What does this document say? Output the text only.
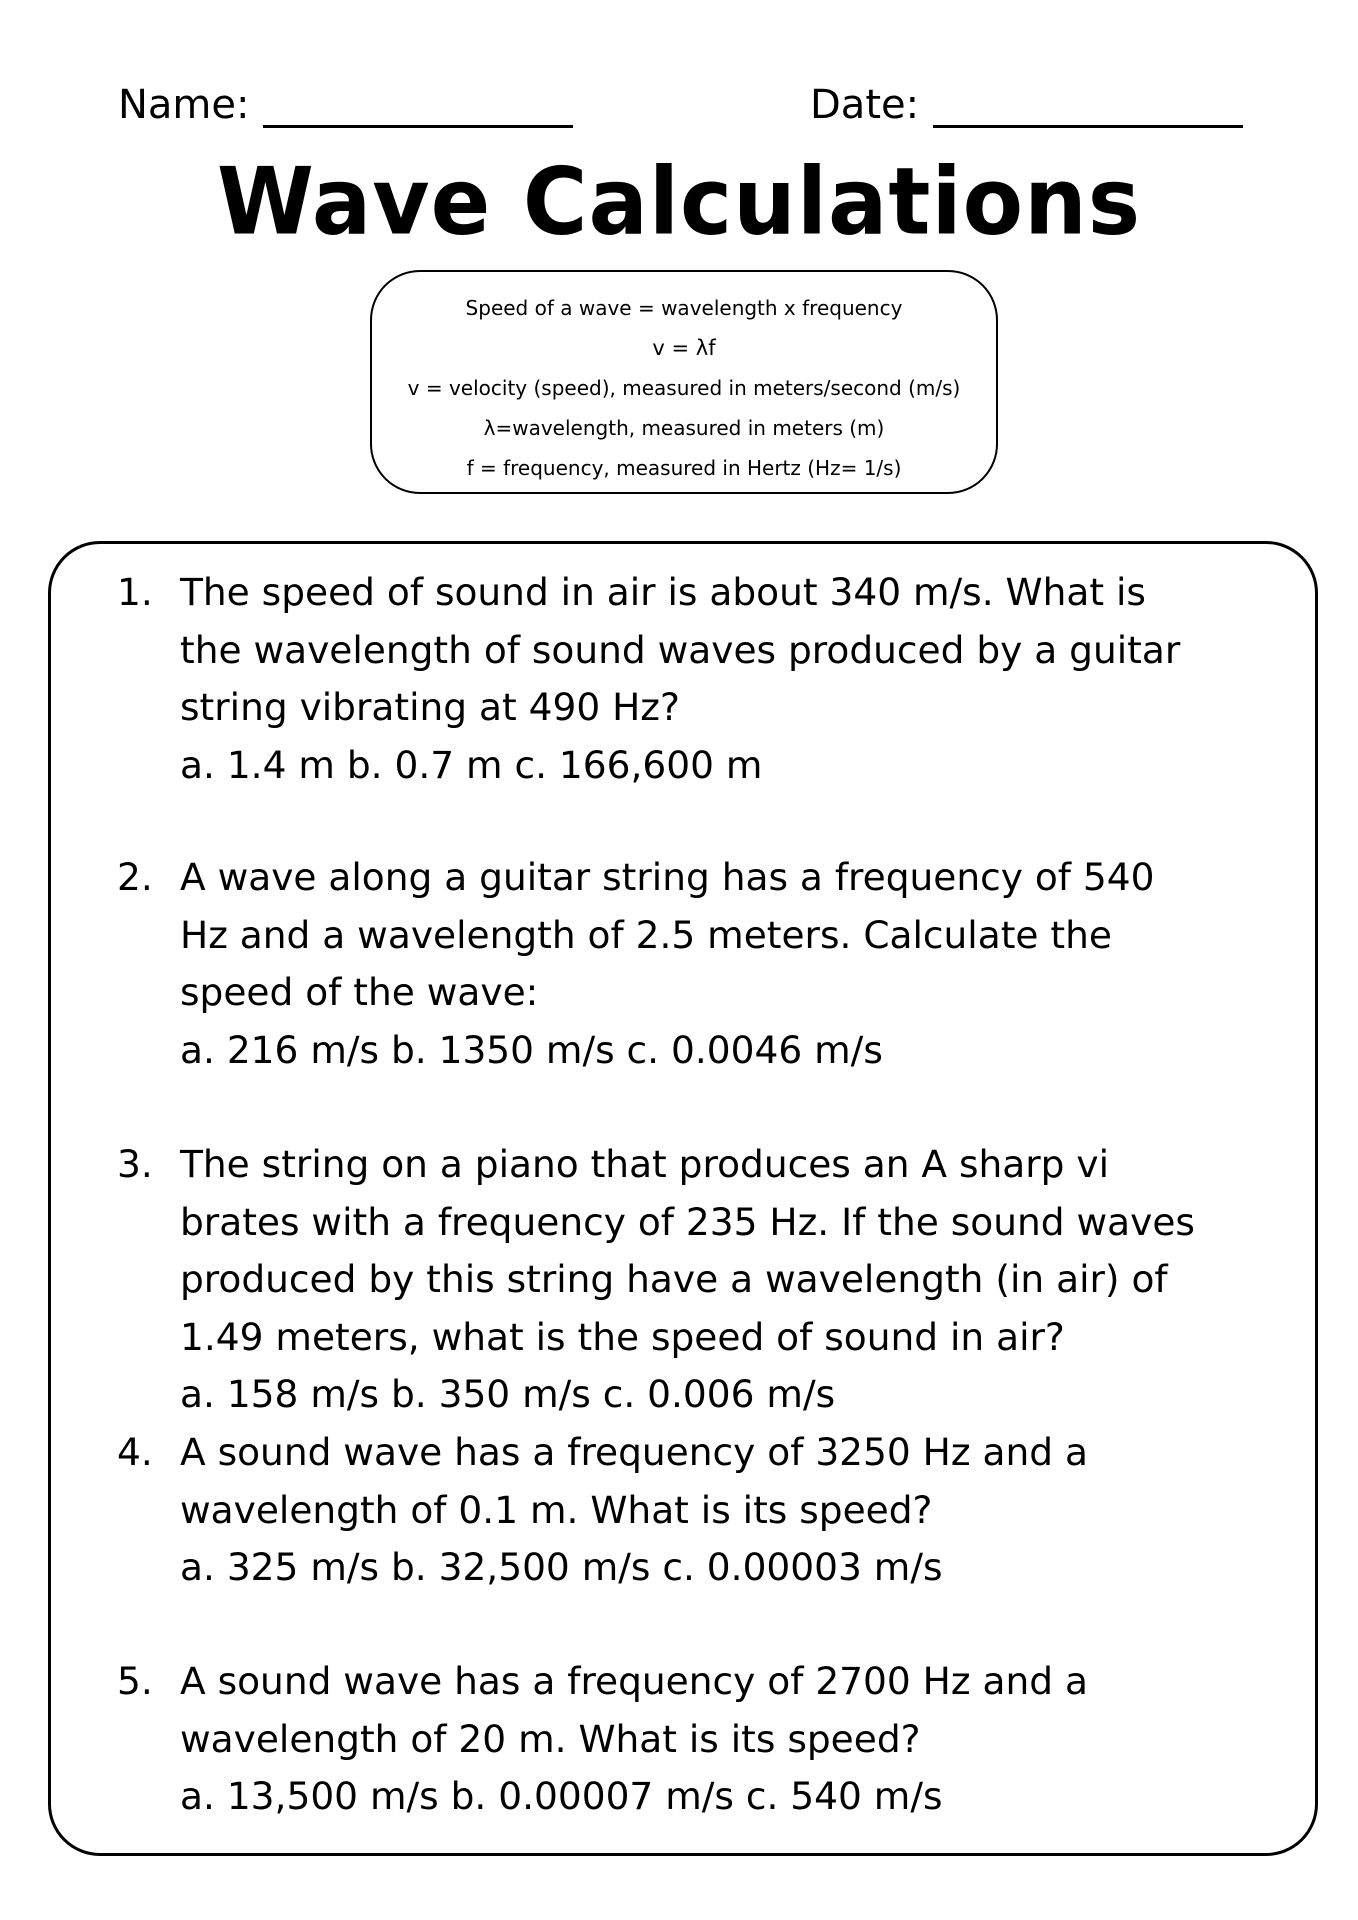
Name:	Date:
Wave Calculations
Speed of a wave = wavelength x frequency
v = λf
v = velocity (speed), measured in meters/second (m/s)
λ=wavelength, measured in meters (m)
f = frequency, measured in Hertz (Hz= 1/s)
1. The speed of sound in air is about 340 m/s. What is
the wavelength of sound waves produced by a guitar
string vibrating at 490 Hz?
a. 1.4 m b. 0.7 m c. 166,600 m
2. A wave along a guitar string has a frequency of 540
Hz and a wavelength of 2.5 meters. Calculate the
speed of the wave:
a. 216 m/s b. 1350 m/s c. 0.0046 m/s
3. The string on a piano that produces an A sharp vi
brates with a frequency of 235 Hz. If the sound waves
produced by this string have a wavelength (in air) of
1.49 meters, what is the speed of sound in air?
a. 158 m/s b. 350 m/s c. 0.006 m/s
4. A sound wave has a frequency of 3250 Hz and a
wavelength of 0.1 m. What is its speed?
a. 325 m/s b. 32,500 m/s c. 0.00003 m/s
5. A sound wave has a frequency of 2700 Hz and a
wavelength of 20 m. What is its speed?
a. 13,500 m/s b. 0.00007 m/s c. 540 m/s
